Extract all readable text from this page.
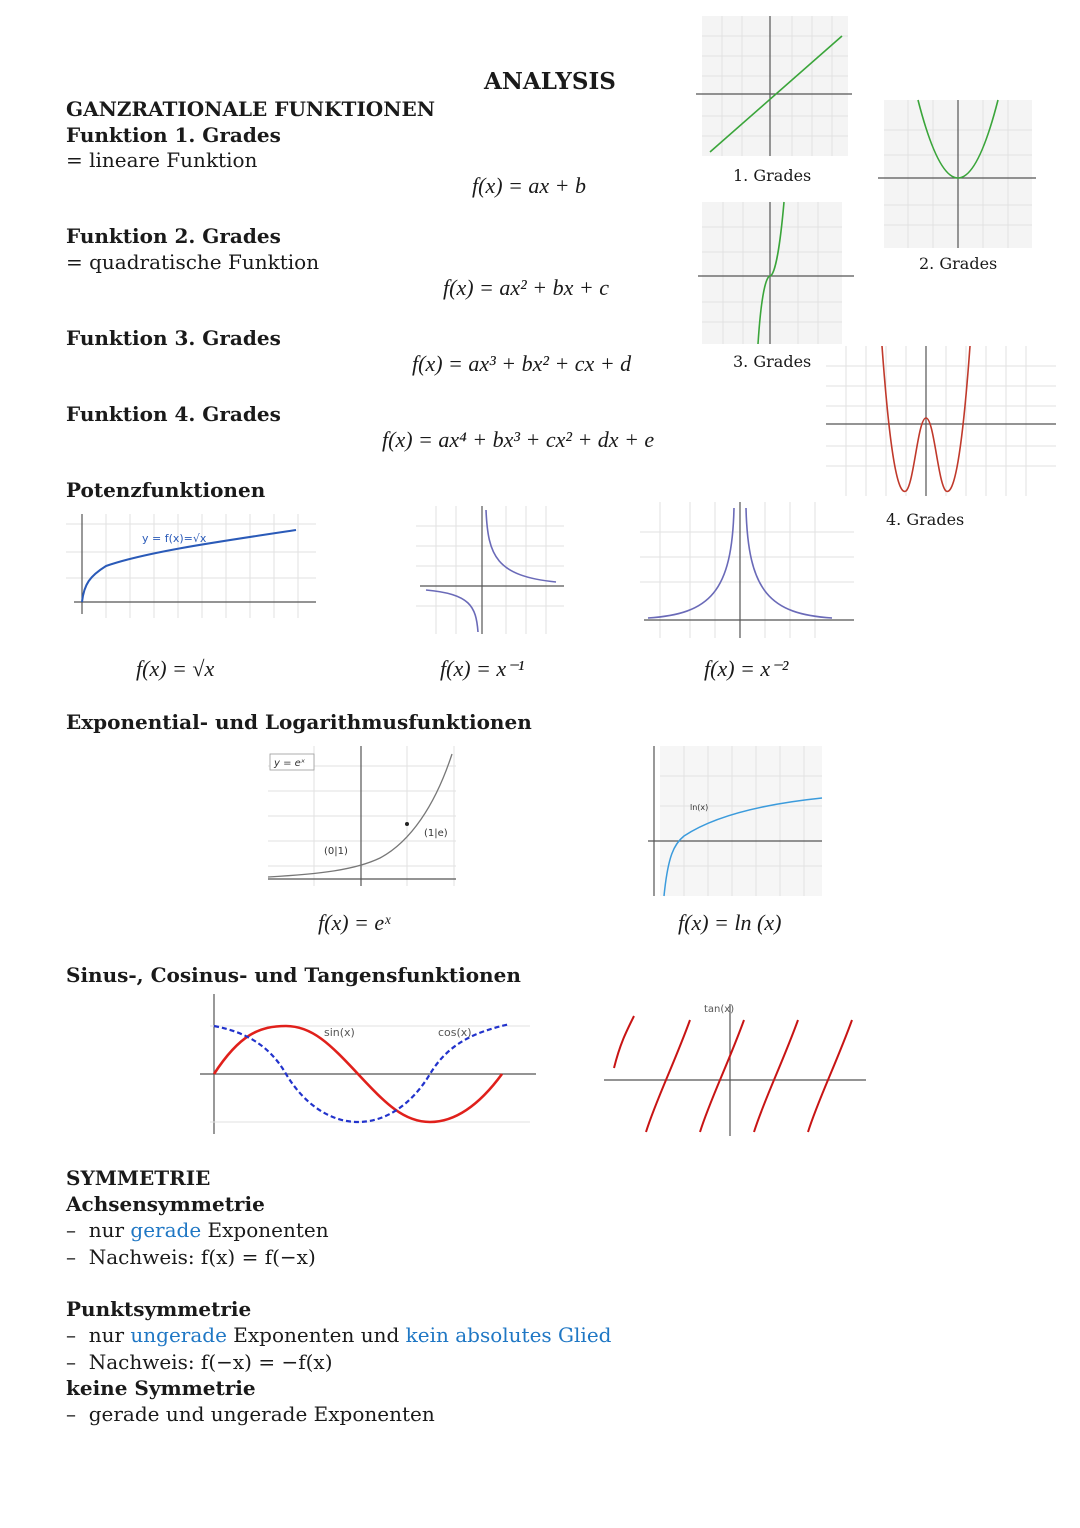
ANALYSIS
GANZRATIONALE FUNKTIONEN
Funktion 1. Grades
= lineare Funktion
f(x) = ax + b
Funktion 2. Grades
= quadratische Funktion
f(x) = ax² + bx + c
Funktion 3. Grades
f(x) = ax³ + bx² + cx + d
Funktion 4. Grades
f(x) = ax⁴ + bx³ + cx² + dx + e
Potenzfunktionen
f(x) = √x	f(x) = x⁻¹	f(x) = x⁻²
Exponential- und Logarithmusfunktionen
f(x) = eˣ	f(x) = ln (x)
Sinus-, Cosinus- und Tangensfunktionen
SYMMETRIE
Achsensymmetrie
–  nur gerade Exponenten
–  Nachweis: f(x) = f(−x)
Punktsymmetrie
–  nur ungerade Exponenten und kein absolutes Glied
–  Nachweis: f(−x) = −f(x)
keine Symmetrie
–  gerade und ungerade Exponenten
1. Grades
2. Grades
3. Grades
4. Grades
y = f(x)=√x
y = eˣ
(0|1)
(1|e)
ln(x)
sin(x)	cos(x)
tan(x)
